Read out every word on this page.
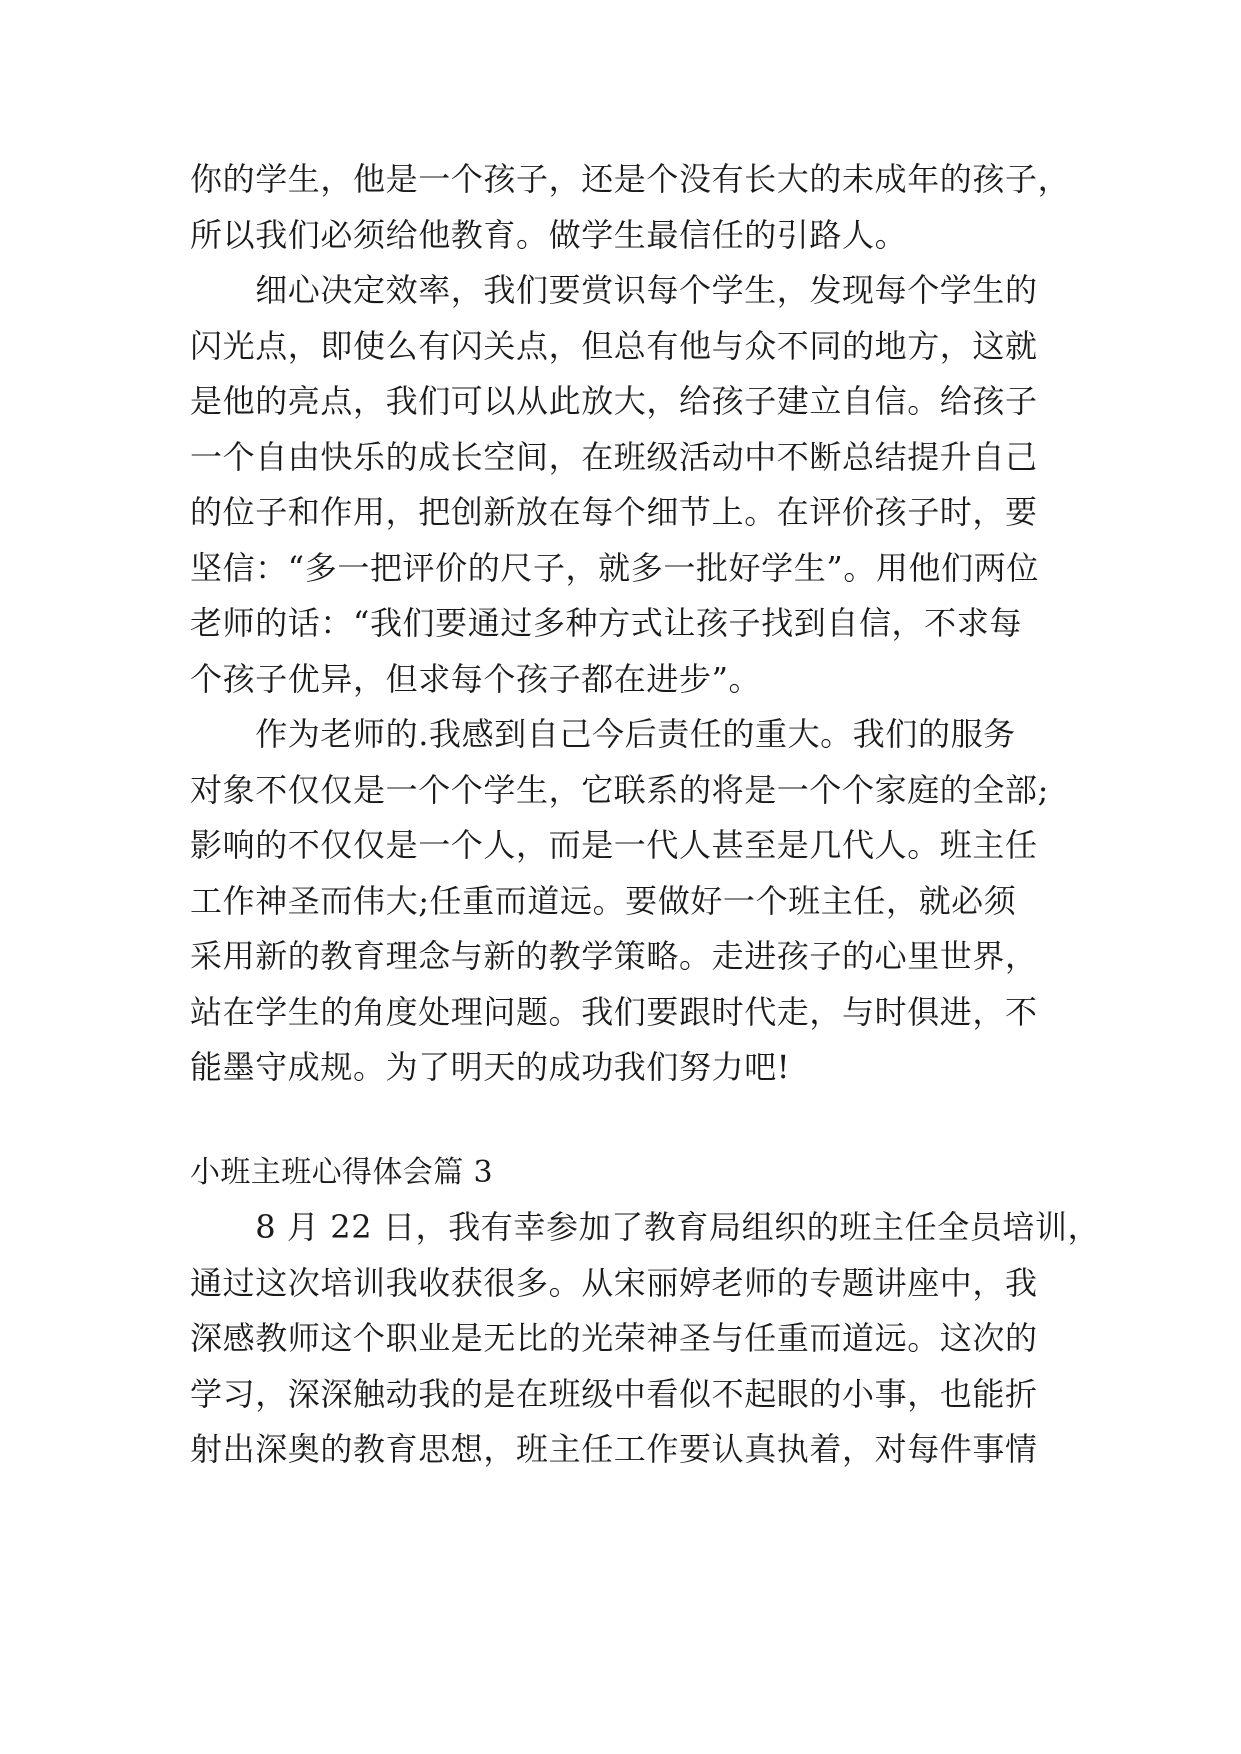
你的学生，他是一个孩子，还是个没有长大的未成年的孩子，
所以我们必须给他教育。做学生最信任的引路人。
　　细心决定效率，我们要赏识每个学生，发现每个学生的
闪光点，即使么有闪关点，但总有他与众不同的地方，这就
是他的亮点，我们可以从此放大，给孩子建立自信。给孩子
一个自由快乐的成长空间，在班级活动中不断总结提升自己
的位子和作用，把创新放在每个细节上。在评价孩子时，要
坚信：“多一把评价的尺子，就多一批好学生”。用他们两位
老师的话：“我们要通过多种方式让孩子找到自信，不求每
个孩子优异，但求每个孩子都在进步”。
　　作为老师的.我感到自己今后责任的重大。我们的服务
对象不仅仅是一个个学生，它联系的将是一个个家庭的全部;
影响的不仅仅是一个人，而是一代人甚至是几代人。班主任
工作神圣而伟大;任重而道远。要做好一个班主任，就必须
采用新的教育理念与新的教学策略。走进孩子的心里世界，
站在学生的角度处理问题。我们要跟时代走，与时俱进，不
能墨守成规。为了明天的成功我们努力吧!
小班主班心得体会篇 3
　　8 月 22 日，我有幸参加了教育局组织的班主任全员培训，
通过这次培训我收获很多。从宋丽婷老师的专题讲座中，我
深感教师这个职业是无比的光荣神圣与任重而道远。这次的
学习，深深触动我的是在班级中看似不起眼的小事，也能折
射出深奥的教育思想，班主任工作要认真执着，对每件事情
